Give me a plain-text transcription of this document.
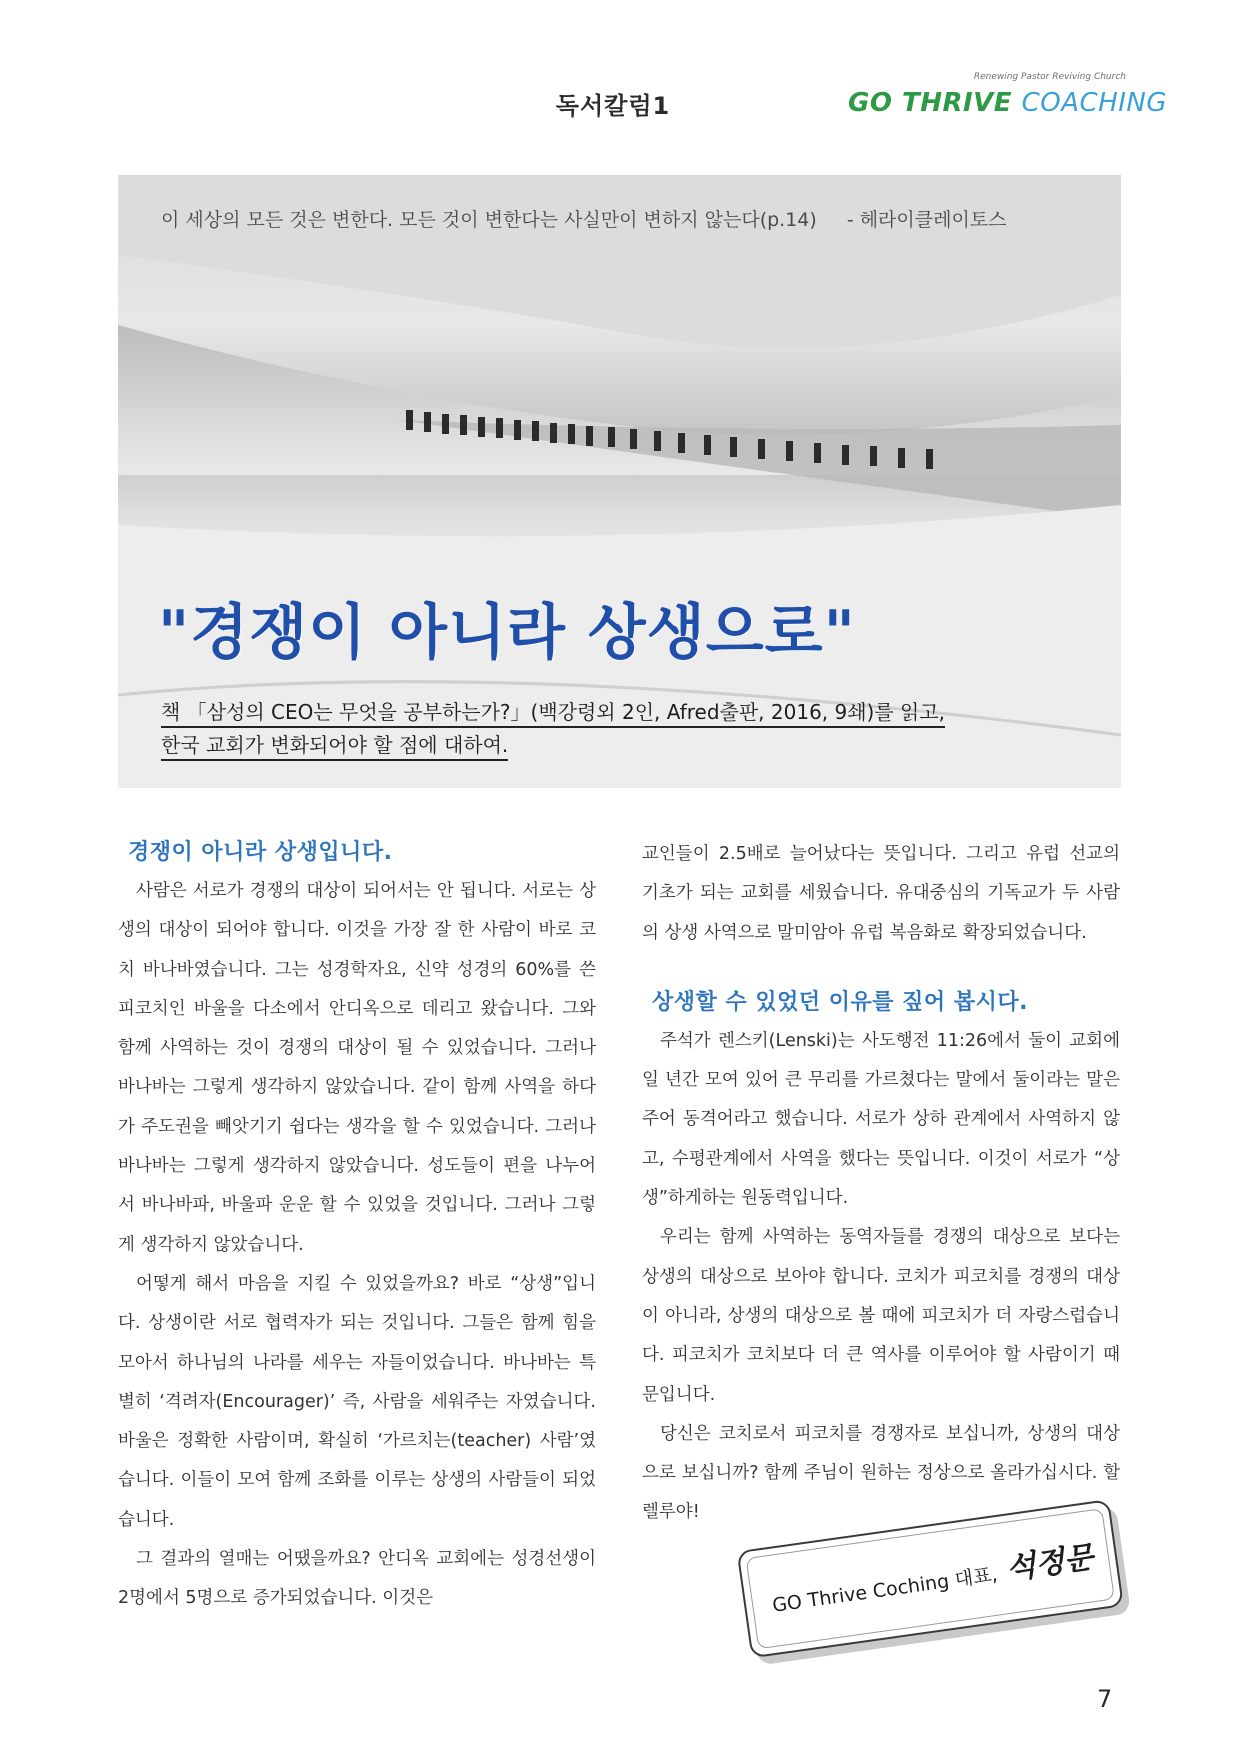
독서칼럼1
Renewing Pastor Reviving Church
GO THRIVE COACHING
이 세상의 모든 것은 변한다. 모든 것이 변한다는 사실만이 변하지 않는다(p.14) - 헤라이클레이토스
"경쟁이 아니라 상생으로"
책 「삼성의 CEO는 무엇을 공부하는가?」(백강령외 2인, Afred출판, 2016, 9쇄)를 읽고,
한국 교회가 변화되어야 할 점에 대하여.
경쟁이 아니라 상생입니다.

사람은 서로가 경쟁의 대상이 되어서는 안 됩니다. 서로는 상생의 대상이 되어야 합니다. 이것을 가장 잘 한 사람이 바로 코치 바나바였습니다. 그는 성경학자요, 신약 성경의 60%를 쓴 피코치인 바울을 다소에서 안디옥으로 데리고 왔습니다. 그와 함께 사역하는 것이 경쟁의 대상이 될 수 있었습니다. 그러나 바나바는 그렇게 생각하지 않았습니다. 같이 함께 사역을 하다가 주도권을 빼앗기기 쉽다는 생각을 할 수 있었습니다. 그러나 바나바는 그렇게 생각하지 않았습니다. 성도들이 편을 나누어서 바나바파, 바울파 운운 할 수 있었을 것입니다. 그러나 그렇게 생각하지 않았습니다.

어떻게 해서 마음을 지킬 수 있었을까요? 바로 “상생”입니다. 상생이란 서로 협력자가 되는 것입니다. 그들은 함께 힘을 모아서 하나님의 나라를 세우는 자들이었습니다. 바나바는 특별히 ‘격려자(Encourager)’ 즉, 사람을 세워주는 자였습니다. 바울은 정확한 사람이며, 확실히 ‘가르치는(teacher) 사람’였습니다. 이들이 모여 함께 조화를 이루는 상생의 사람들이 되었습니다.

그 결과의 열매는 어땠을까요? 안디옥 교회에는 성경선생이 2명에서 5명으로 증가되었습니다. 이것은

교인들이 2.5배로 늘어났다는 뜻입니다. 그리고 유럽 선교의 기초가 되는 교회를 세웠습니다. 유대중심의 기독교가 두 사람의 상생 사역으로 말미암아 유럽 복음화로 확장되었습니다.

상생할 수 있었던 이유를 짚어 봅시다.

주석가 렌스키(Lenski)는 사도행전 11:26에서 둘이 교회에 일 년간 모여 있어 큰 무리를 가르쳤다는 말에서 둘이라는 말은 주어 동격어라고 했습니다. 서로가 상하 관계에서 사역하지 않고, 수평관계에서 사역을 했다는 뜻입니다. 이것이 서로가 “상생”하게하는 원동력입니다.

우리는 함께 사역하는 동역자들를 경쟁의 대상으로 보다는 상생의 대상으로 보아야 합니다. 코치가 피코치를 경쟁의 대상이 아니라, 상생의 대상으로 볼 때에 피코치가 더 자랑스럽습니다. 피코치가 코치보다 더 큰 역사를 이루어야 할 사람이기 때문입니다.

당신은 코치로서 피코치를 경쟁자로 보십니까, 상생의 대상으로 보십니까? 함께 주님이 원하는 정상으로 올라가십시다. 할렐루야!

GO Thrive Coching 대표, 석정문
7
